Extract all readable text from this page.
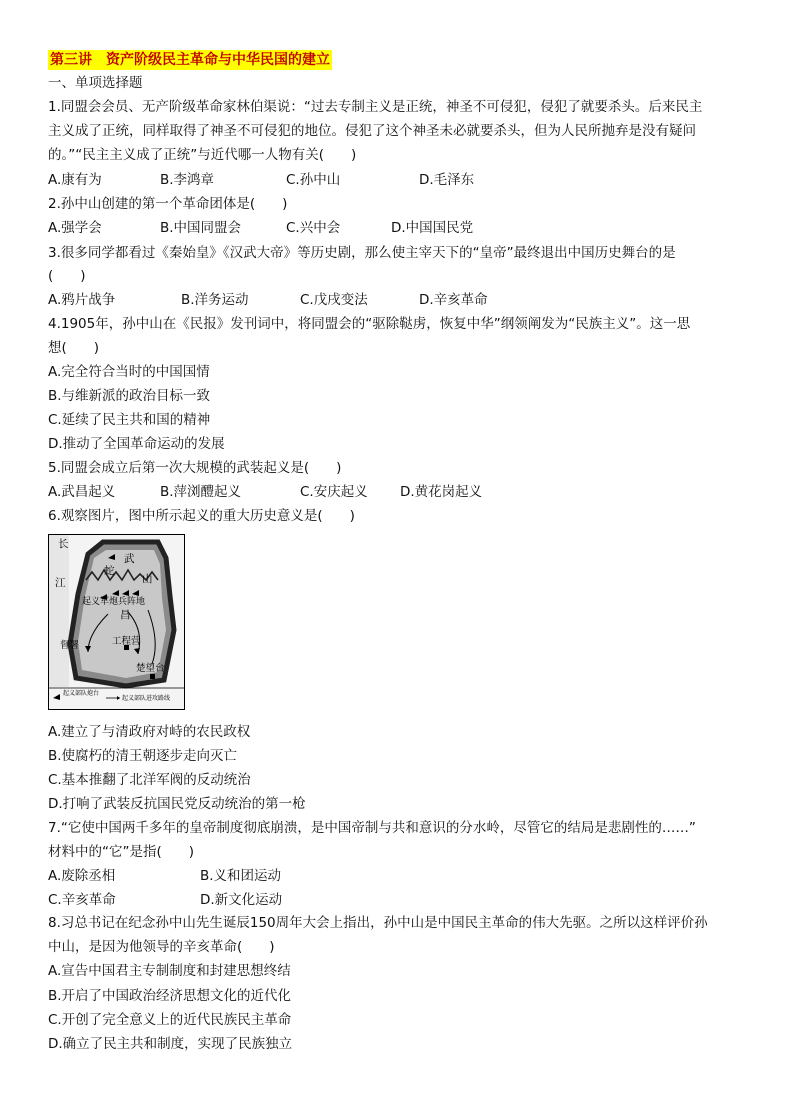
第三讲　资产阶级民主革命与中华民国的建立
一、单项选择题
1.同盟会会员、无产阶级革命家林伯渠说：“过去专制主义是正统，神圣不可侵犯，侵犯了就要杀头。后来民主
主义成了正统，同样取得了神圣不可侵犯的地位。侵犯了这个神圣未必就要杀头，但为人民所抛弃是没有疑问
的。”“民主主义成了正统”与近代哪一人物有关(　　)
A.康有为	B.李鸿章	C.孙中山	D.毛泽东
2.孙中山创建的第一个革命团体是(　　)
A.强学会	B.中国同盟会	C.兴中会	D.中国国民党
3.很多同学都看过《秦始皇》《汉武大帝》等历史剧，那么使主宰天下的“皇帝”最终退出中国历史舞台的是
(　　)
A.鸦片战争	B.洋务运动	C.戊戌变法	D.辛亥革命
4.1905年，孙中山在《民报》发刊词中，将同盟会的“驱除鞑虏，恢复中华”纲领阐发为“民族主义”。这一思
想(　　)
A.完全符合当时的中国国情
B.与维新派的政治目标一致
C.延续了民主共和国的精神
D.推动了全国革命运动的发展
5.同盟会成立后第一次大规模的武装起义是(　　)
A.武昌起义	B.萍浏醴起义	C.安庆起义	D.黄花岗起义
6.观察图片，图中所示起义的重大历史意义是(　　)
长
江
武
蛇
山
起义军炮兵阵地
昌
督署	工程营
楚望台
起义部队炮台
起义部队进攻路线
A.建立了与清政府对峙的农民政权
B.使腐朽的清王朝逐步走向灭亡
C.基本推翻了北洋军阀的反动统治
D.打响了武装反抗国民党反动统治的第一枪
7.“它使中国两千多年的皇帝制度彻底崩溃，是中国帝制与共和意识的分水岭，尽管它的结局是悲剧性的……”
材料中的“它”是指(　　)
A.废除丞相	B.义和团运动
C.辛亥革命	D.新文化运动
8.习总书记在纪念孙中山先生诞辰150周年大会上指出，孙中山是中国民主革命的伟大先驱。之所以这样评价孙
中山，是因为他领导的辛亥革命(　　)
A.宣告中国君主专制制度和封建思想终结
B.开启了中国政治经济思想文化的近代化
C.开创了完全意义上的近代民族民主革命
D.确立了民主共和制度，实现了民族独立
